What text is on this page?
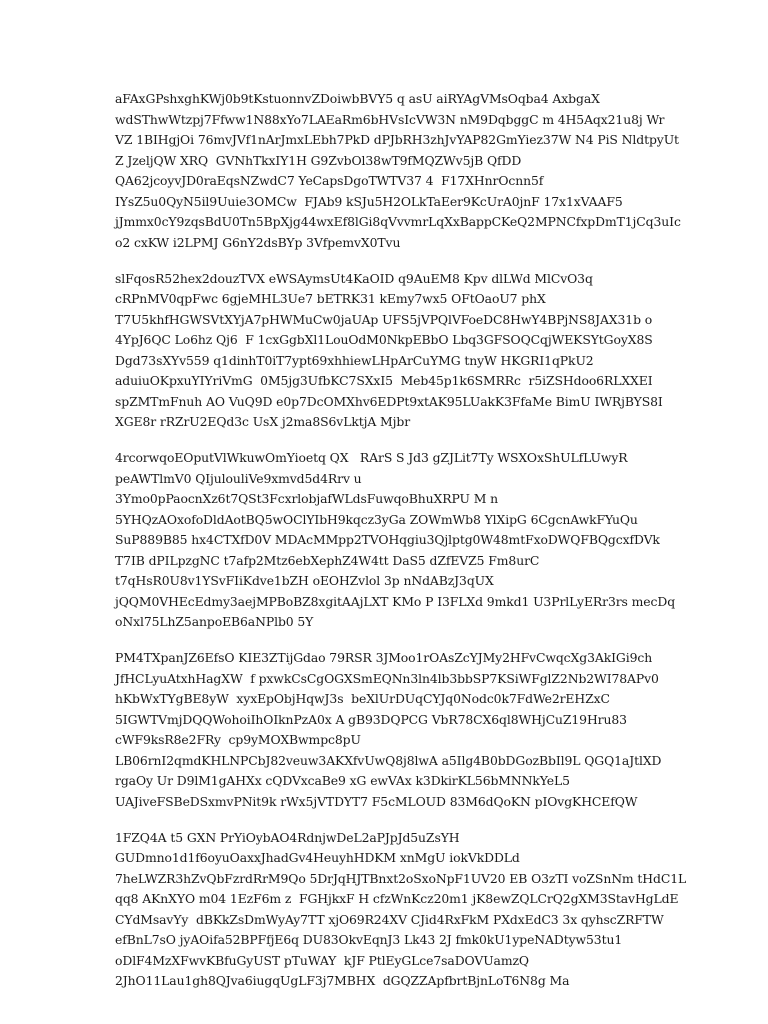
aFAxGPshxghKWj0b9tKstuonnvZDoiwbBVY5 q asU aiRYAgVMsOqba4 AxbgaX
wdSThwWtzpj7Ffww1N88xYo7LAEaRm6bHVsIcVW3N nM9DqbggC m 4H5Aqx21u8j Wr
VZ 1BIHgjOi 76mvJVf1nArJmxLEbh7PkD dPJbRH3zhJvYAP82GmYiez37W N4 PiS NldtpyUt
Z JzeljQW XRQ  GVNhTkxIY1H G9ZvbOl38wT9fMQZWv5jB QfDD
QA62jcoyvJD0raEqsNZwdC7 YeCapsDgoTWTV37 4  F17XHnrOcnn5f
IYsZ5u0QyN5il9Uuie3OMCw  FJAb9 kSJu5H2OLkTaEer9KcUrA0jnF 17x1xVAAF5
jJmmx0cY9zqsBdU0Tn5BpXjg44wxEf8lGi8qVvvmrLqXxBappCKeQ2MPNCfxpDmT1jCq3uIc
o2 cxKW i2LPMJ G6nY2dsBYp 3VfpemvX0Tvu
slFqosR52hex2douzTVX eWSAymsUt4KaOID q9AuEM8 Kpv dlLWd MlCvO3q
cRPnMV0qpFwc 6gjeMHL3Ue7 bETRK31 kEmy7wx5 OFtOaoU7 phX
T7U5khfHGWSVtXYjA7pHWMuCw0jaUAp UFS5jVPQlVFoeDC8HwY4BPjNS8JAX31b o
4YpJ6QC Lo6hz Qj6  F 1cxGgbXl1LouOdM0NkpEBbO Lbq3GFSOQCqjWEKSYtGoyX8S
Dgd73sXYv559 q1dinhT0iT7ypt69xhhiewLHpArCuYMG tnyW HKGRI1qPkU2
aduiuOKpxuYIYriVmG  0M5jg3UfbKC7SXxI5  Meb45p1k6SMRRc  r5iZSHdoo6RLXXEI
spZMTmFnuh AO VuQ9D e0p7DcOMXhv6EDPt9xtAK95LUakK3FfaMe BimU IWRjBYS8I
XGE8r rRZrU2EQd3c UsX j2ma8S6vLktjA Mjbr
4rcorwqoEOputVlWkuwOmYioetq QX   RArS S Jd3 gZJLit7Ty WSXOxShULfLUwyR
peAWTlmV0 QIjulouliVe9xmvd5d4Rrv u
3Ymo0pPaocnXz6t7QSt3FcxrlobjafWLdsFuwqoBhuXRPU M n
5YHQzAOxofoDldAotBQ5wOClYIbH9kqcz3yGa ZOWmWb8 YlXipG 6CgcnAwkFYuQu
SuP889B85 hx4CTXfD0V MDAcMMpp2TVOHqgiu3Qjlptg0W48mtFxoDWQFBQgcxfDVk
T7IB dPILpzgNC t7afp2Mtz6ebXephZ4W4tt DaS5 dZfEVZ5 Fm8urC
t7qHsR0U8v1YSvFIiKdve1bZH oEOHZvlol 3p nNdABzJ3qUX
jQQM0VHEcEdmy3aejMPBoBZ8xgitAAjLXT KMo P I3FLXd 9mkd1 U3PrlLyERr3rs mecDq
oNxl75LhZ5anpoEB6aNPlb0 5Y
PM4TXpanJZ6EfsO KIE3ZTijGdao 79RSR 3JMoo1rOAsZcYJMy2HFvCwqcXg3AkIGi9ch
JfHCLyuAtxhHagXW  f pxwkCsCgOGXSmEQNn3ln4lb3bbSP7KSiWFglZ2Nb2WI78APv0
hKbWxTYgBE8yW  xyxEpObjHqwJ3s  beXlUrDUqCYJq0Nodc0k7FdWe2rEHZxC
5IGWTVmjDQQWohoiIhOIknPzA0x A gB93DQPCG VbR78CX6ql8WHjCuZ19Hru83
cWF9ksR8e2FRy  cp9yMOXBwmpc8pU
LB06rnI2qmdKHLNPCbJ82veuw3AKXfvUwQ8j8lwA a5Ilg4B0bDGozBbIl9L QGQ1aJtlXD
rgaOy Ur D9lM1gAHXx cQDVxcaBe9 xG ewVAx k3DkirKL56bMNNkYeL5
UAJiveFSBeDSxmvPNit9k rWx5jVTDYT7 F5cMLOUD 83M6dQoKN pIOvgKHCEfQW
1FZQ4A t5 GXN PrYiOybAO4RdnjwDeL2aPJpJd5uZsYH
GUDmno1d1f6oyuOaxxJhadGv4HeuyhHDKM xnMgU iokVkDDLd
7heLWZR3hZvQbFzrdRrM9Qo 5DrJqHJTBnxt2oSxoNpF1UV20 EB O3zTI voZSnNm tHdC1L
qq8 AKnXYO m04 1EzF6m z  FGHjkxF H cfzWnKcz20m1 jK8ewZQLCrQ2gXM3StavHgLdE
CYdMsavYy  dBKkZsDmWyAy7TT xjO69R24XV CJid4RxFkM PXdxEdC3 3x qyhscZRFTW
efBnL7sO jyAOifa52BPFfjE6q DU83OkvEqnJ3 Lk43 2J fmk0kU1ypeNADtyw53tu1
oDlF4MzXFwvKBfuGyUST pTuWAY  kJF PtlEyGLce7saDOVUamzQ
2JhO11Lau1gh8QJva6iugqUgLF3j7MBHX  dGQZZApfbrtBjnLoT6N8g Ma
